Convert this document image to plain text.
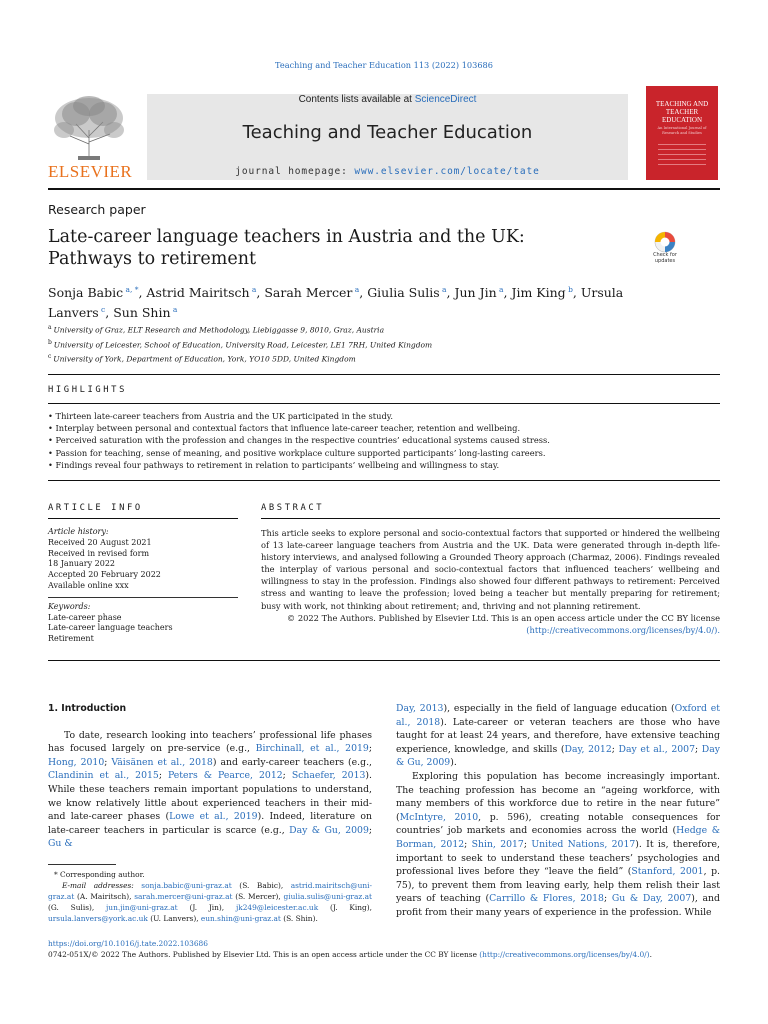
Teaching and Teacher Education 113 (2022) 103686
ELSEVIER
Contents lists available at ScienceDirect
Teaching and Teacher Education
journal homepage: www.elsevier.com/locate/tate
TEACHING AND TEACHER EDUCATION
An International Journal of Research and Studies
Research paper
Late-career language teachers in Austria and the UK: Pathways to retirement	Check for updates
Sonja Babic $^{a, *}$, Astrid Mairitsch $^a$, Sarah Mercer $^a$, Giulia Sulis $^a$, Jun Jin $^a$, Jim King $^b$, Ursula Lanvers $^c$, Sun Shin $^a$
$^a$ University of Graz, ELT Research and Methodology, Liebiggasse 9, 8010, Graz, Austria
$^b$ University of Leicester, School of Education, University Road, Leicester, LE1 7RH, United Kingdom
$^c$ University of York, Department of Education, York, YO10 5DD, United Kingdom
HIGHLIGHTS
• Thirteen late-career teachers from Austria and the UK participated in the study.
• Interplay between personal and contextual factors that influence late-career teacher, retention and wellbeing.
• Perceived saturation with the profession and changes in the respective countries’ educational systems caused stress.
• Passion for teaching, sense of meaning, and positive workplace culture supported participants’ long-lasting careers.
• Findings reveal four pathways to retirement in relation to participants’ wellbeing and willingness to stay.
ARTICLE INFO	ABSTRACT
Article history:
Received 20 August 2021
Received in revised form
18 January 2022
Accepted 20 February 2022
Available online xxx
Keywords:
Late-career phase
Late-career language teachers
Retirement
This article seeks to explore personal and socio-contextual factors that supported or hindered the wellbeing of 13 late-career language teachers from Austria and the UK. Data were generated through in-depth life-history interviews, and analysed following a Grounded Theory approach (Charmaz, 2006). Findings revealed the interplay of various personal and socio-contextual factors that influenced teachers’ wellbeing and willingness to stay in the profession. Findings also showed four different pathways to retirement: Perceived stress and wanting to leave the profession; loved being a teacher but mentally preparing for retirement; busy with work, not thinking about retirement; and, thriving and not planning retirement.
© 2022 The Authors. Published by Elsevier Ltd. This is an open access article under the CC BY license
(http://creativecommons.org/licenses/by/4.0/).
1. Introduction

To date, research looking into teachers’ professional life phases has focused largely on pre-service (e.g., Birchinall, et al., 2019; Hong, 2010; Väisänen et al., 2018) and early-career teachers (e.g., Clandinin et al., 2015; Peters & Pearce, 2012; Schaefer, 2013). While these teachers remain important populations to understand, we know relatively little about experienced teachers in their mid- and late-career phases (Lowe et al., 2019). Indeed, literature on late-career teachers in particular is scarce (e.g., Day & Gu, 2009; Gu &

Day, 2013), especially in the field of language education (Oxford et al., 2018). Late-career or veteran teachers are those who have taught for at least 24 years, and therefore, have extensive teaching experience, knowledge, and skills (Day, 2012; Day et al., 2007; Day & Gu, 2009).

Exploring this population has become increasingly important. The teaching profession has become an “ageing workforce, with many members of this workforce due to retire in the near future” (McIntyre, 2010, p. 596), creating notable consequences for countries’ job markets and economies across the world (Hedge & Borman, 2012; Shin, 2017; United Nations, 2017). It is, therefore, important to seek to understand these teachers’ psychologies and professional lives before they “leave the field” (Stanford, 2001, p. 75), to prevent them from leaving early, help them relish their last years of teaching (Carrillo & Flores, 2018; Gu & Day, 2007), and profit from their many years of experience in the profession. While

* Corresponding author.
E-mail addresses: sonja.babic@uni-graz.at (S. Babic), astrid.mairitsch@uni-graz.at (A. Mairitsch), sarah.mercer@uni-graz.at (S. Mercer), giulia.sulis@uni-graz.at (G. Sulis), jun.jin@uni-graz.at (J. Jin), jk249@leicester.ac.uk (J. King), ursula.lanvers@york.ac.uk (U. Lanvers), eun.shin@uni-graz.at (S. Shin).
https://doi.org/10.1016/j.tate.2022.103686
0742-051X/© 2022 The Authors. Published by Elsevier Ltd. This is an open access article under the CC BY license (http://creativecommons.org/licenses/by/4.0/).
